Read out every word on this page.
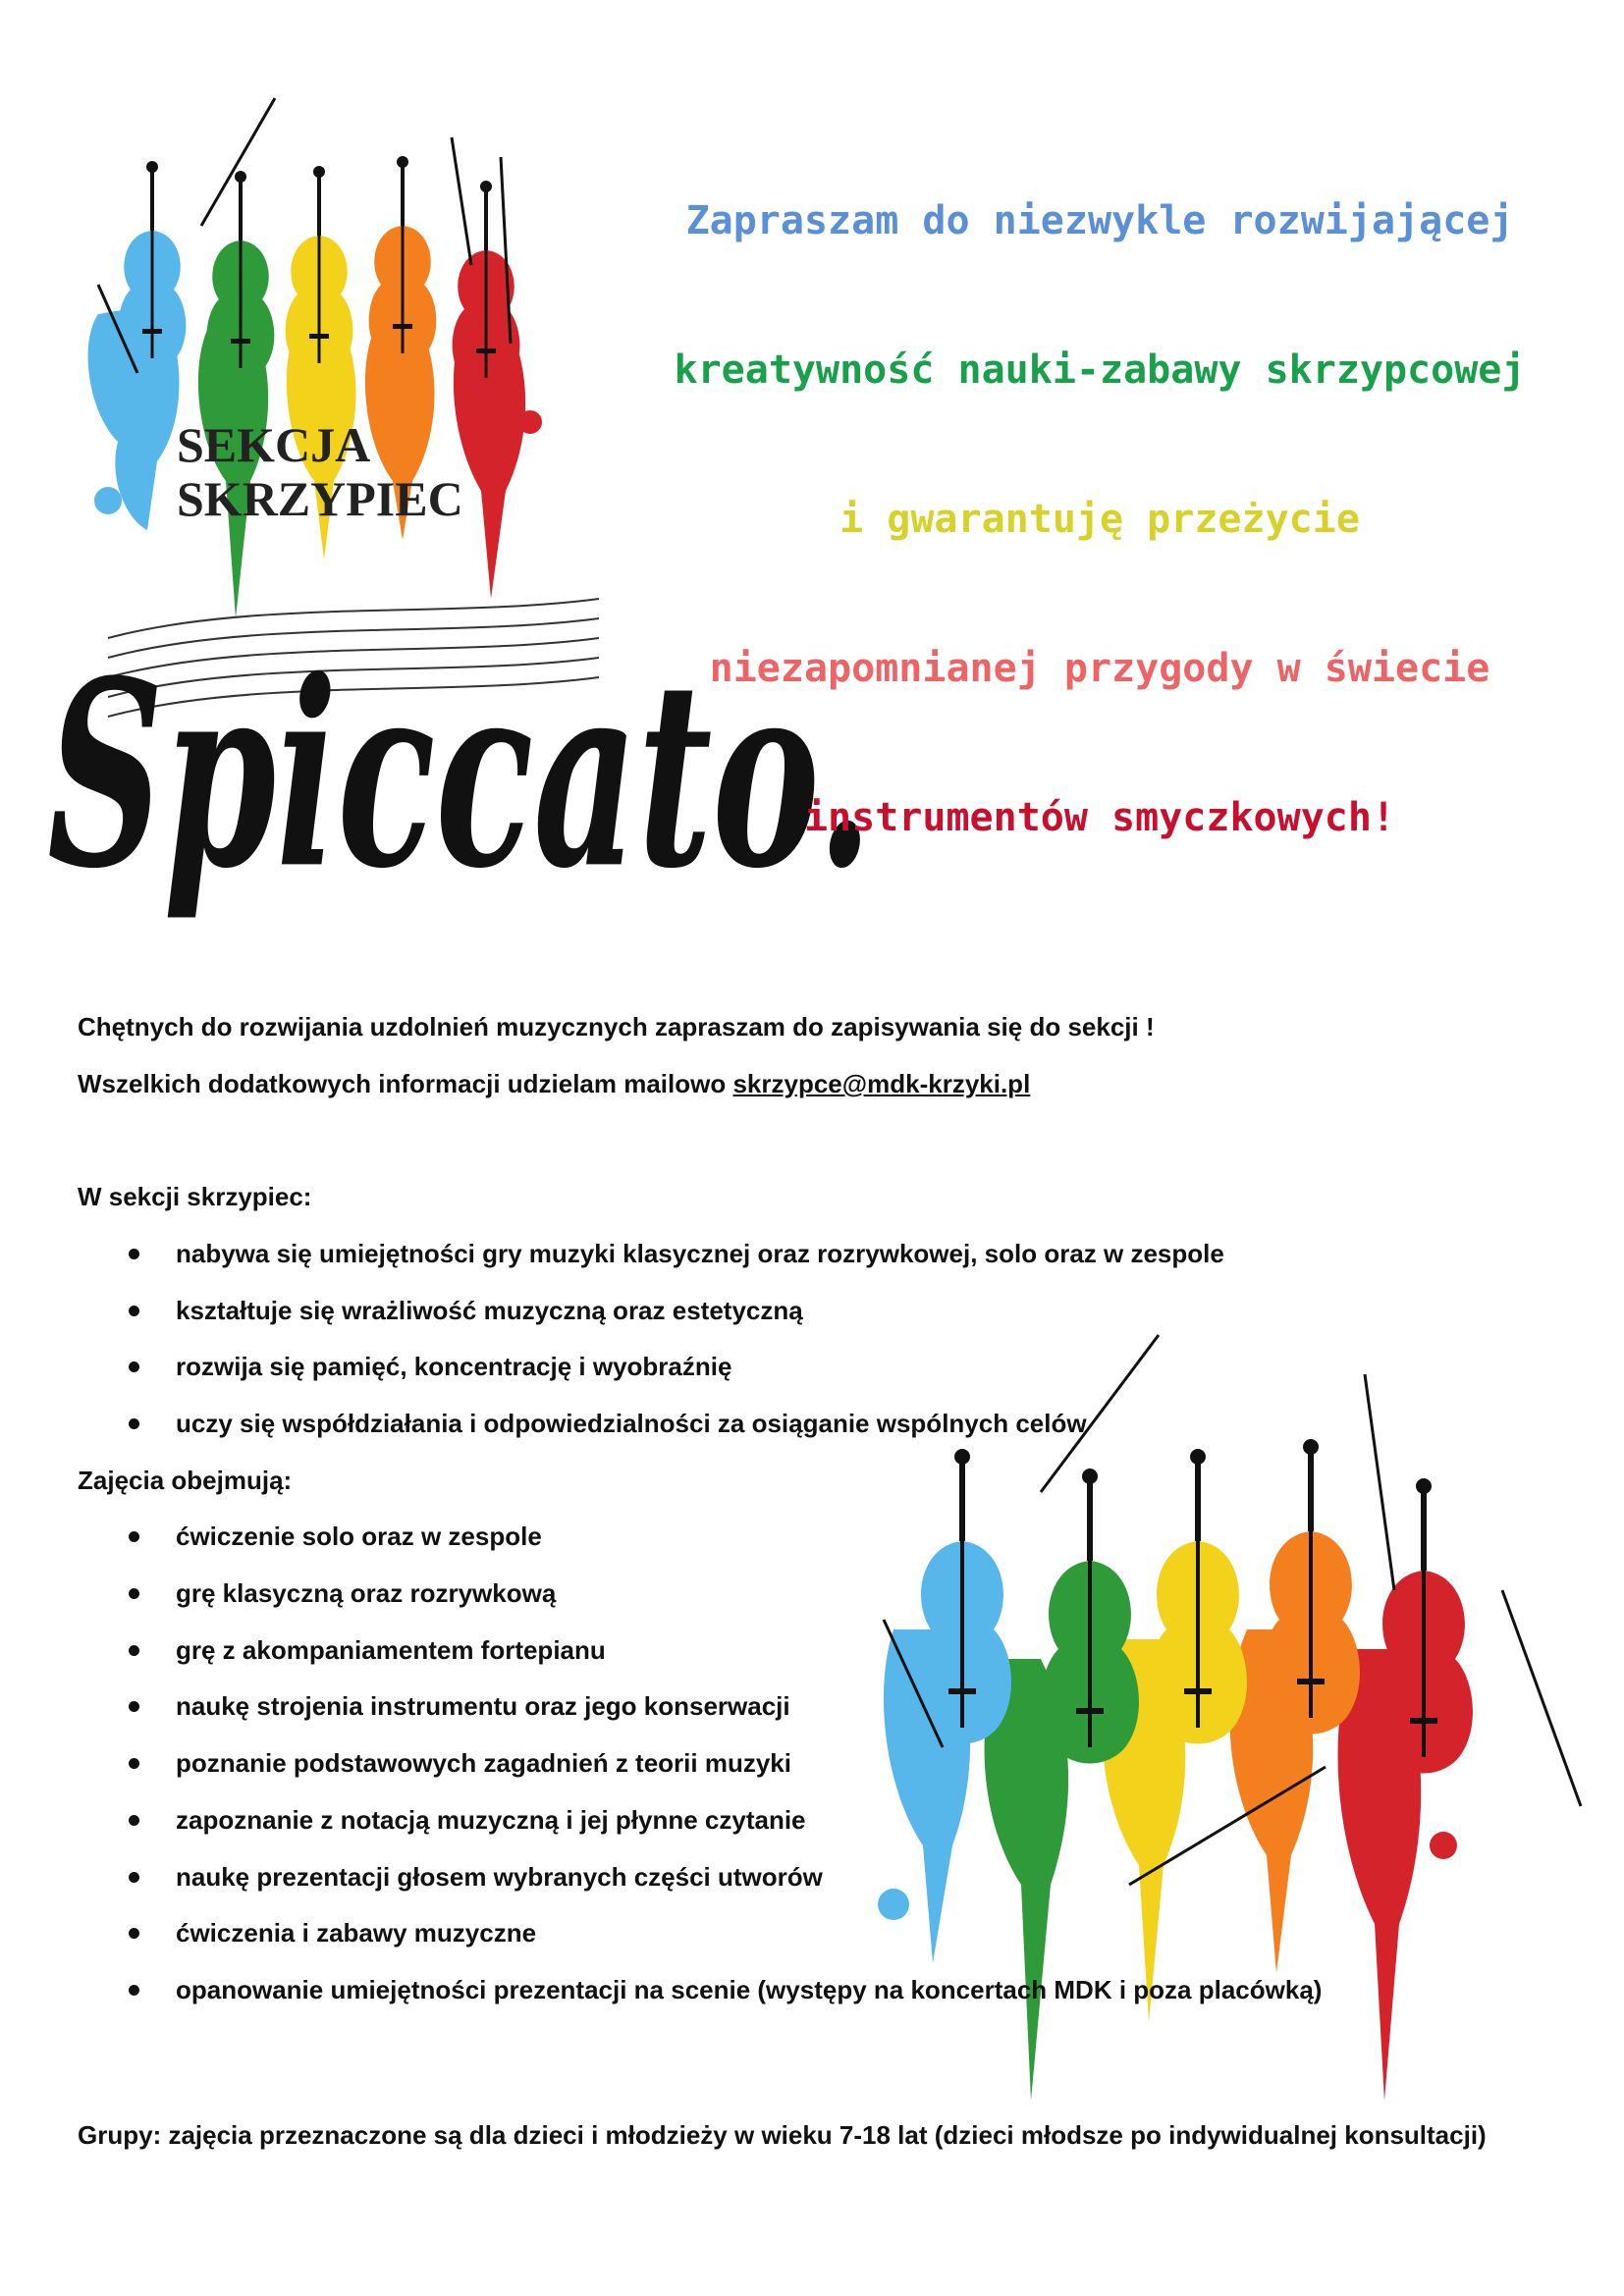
SEKCJA
SKRZYPIEC
Spiccato.
Zapraszam do niezwykle rozwijającej
kreatywność nauki-zabawy skrzypcowej
i gwarantuję przeżycie
niezapomnianej przygody w świecie
instrumentów smyczkowych!

Chętnych do rozwijania uzdolnień muzycznych zapraszam do zapisywania się do sekcji !

Wszelkich dodatkowych informacji udzielam mailowo skrzypce@mdk-krzyki.pl

W sekcji skrzypiec:

nabywa się umiejętności gry muzyki klasycznej oraz rozrywkowej, solo oraz w zespole
kształtuje się wrażliwość muzyczną oraz estetyczną
rozwija się pamięć, koncentrację i wyobraźnię
uczy się współdziałania i odpowiedzialności za osiąganie wspólnych celów

Zajęcia obejmują:

ćwiczenie solo oraz w zespole
grę klasyczną oraz rozrywkową
grę z akompaniamentem fortepianu
naukę strojenia instrumentu oraz jego konserwacji
poznanie podstawowych zagadnień z teorii muzyki
zapoznanie z notacją muzyczną i jej płynne czytanie
naukę prezentacji głosem wybranych części utworów
ćwiczenia i zabawy muzyczne
opanowanie umiejętności prezentacji na scenie (występy na koncertach MDK i poza placówką)
Grupy: zajęcia przeznaczone są dla dzieci i młodzieży w wieku 7-18 lat (dzieci młodsze po indywidualnej konsultacji)
